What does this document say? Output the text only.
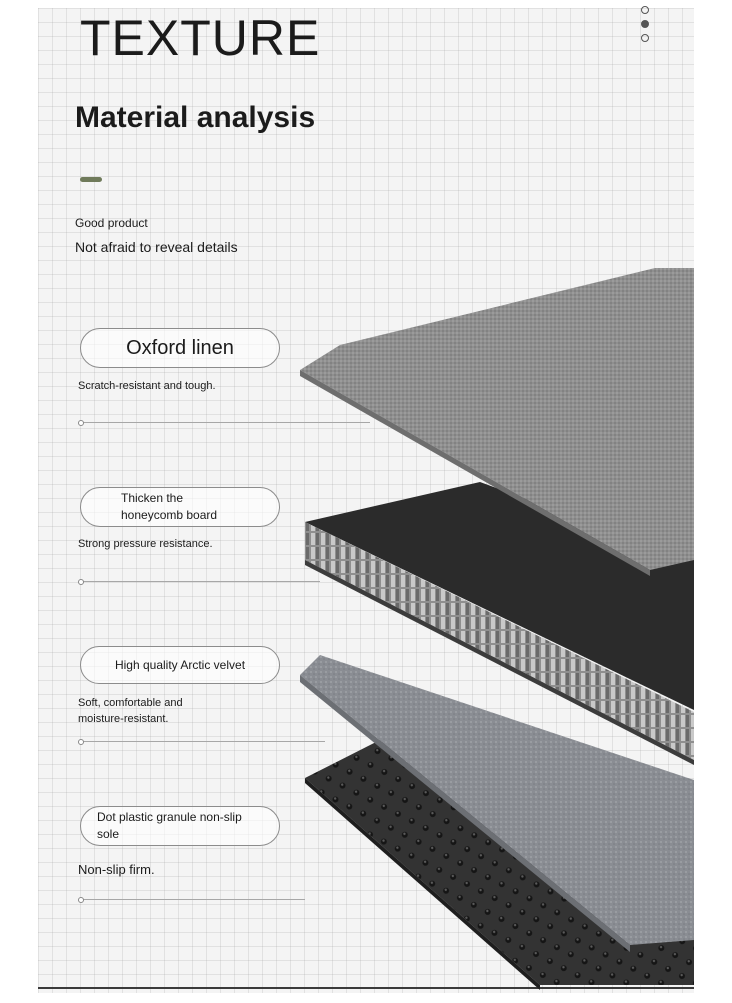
TEXTURE
Material analysis
Good product
Not afraid to reveal details
Oxford linen
Scratch-resistant and tough.
Thicken the honeycomb board
Strong pressure resistance.
High quality Arctic velvet
Soft, comfortable and moisture-resistant.
Dot plastic granule non-slip sole
Non-slip firm.
